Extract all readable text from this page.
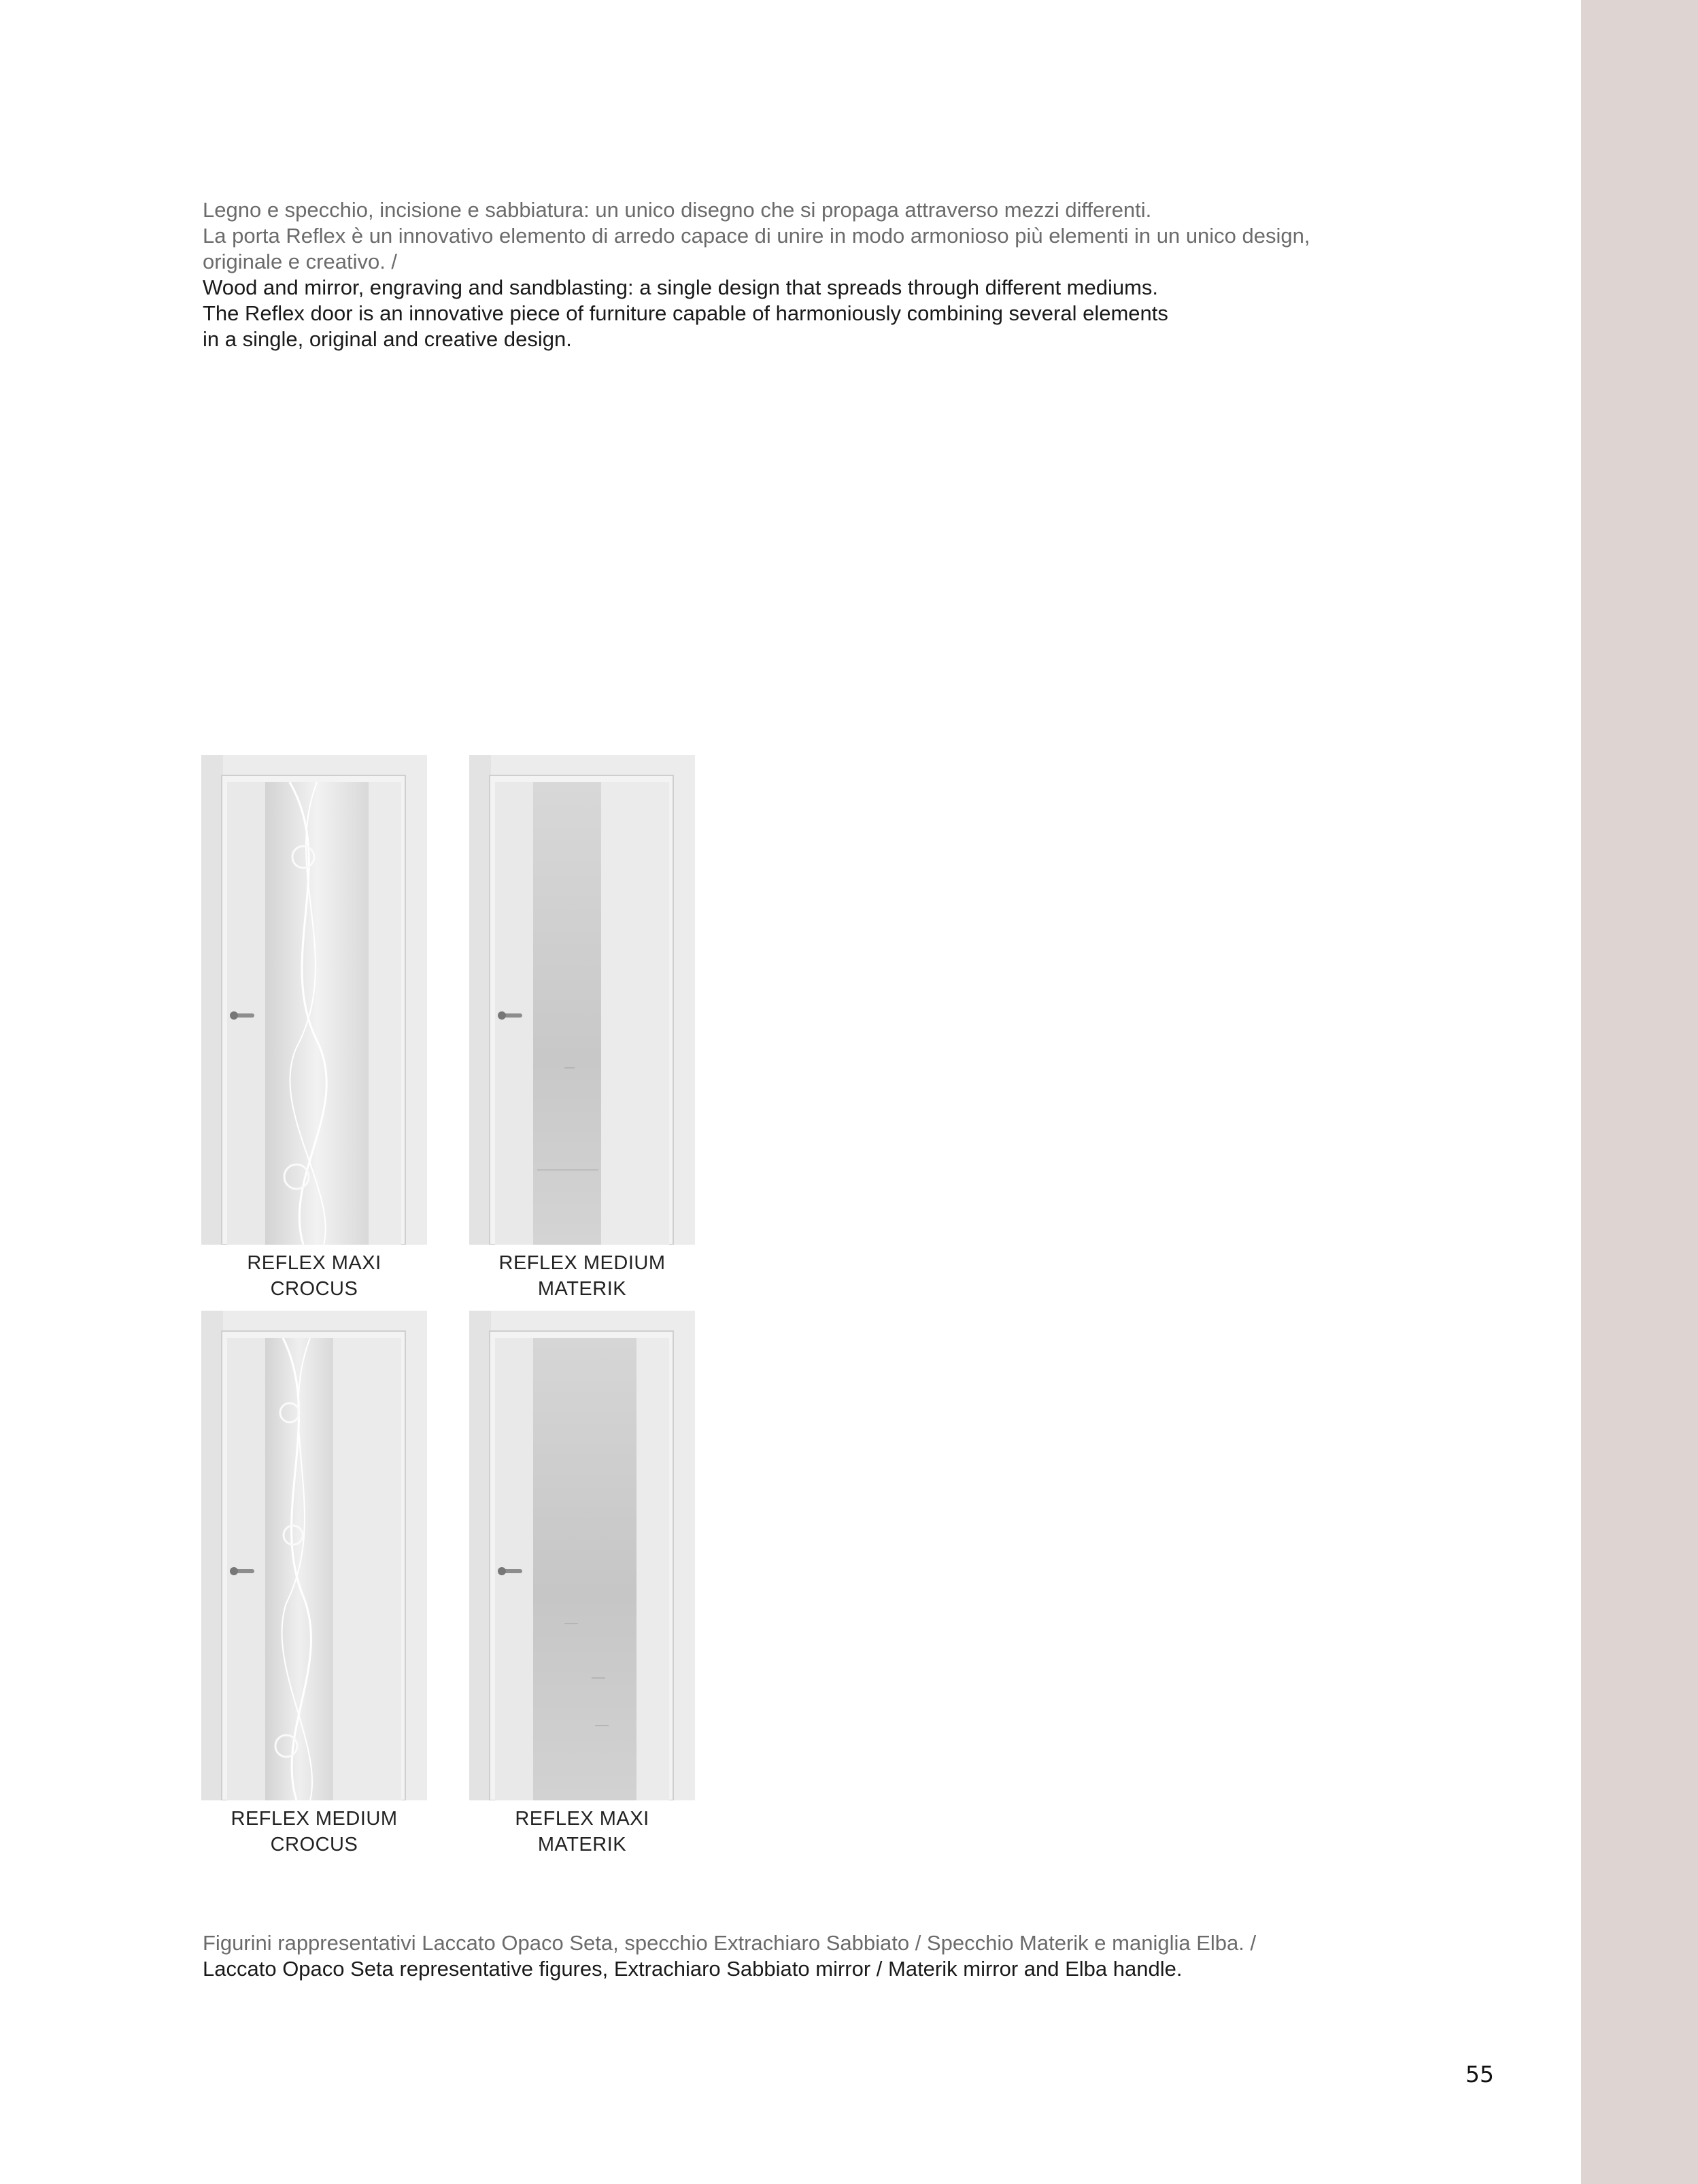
Legno e specchio, incisione e sabbiatura: un unico disegno che si propaga attraverso mezzi differenti.

La porta Reflex è un innovativo elemento di arredo capace di unire in modo armonioso più elementi in un unico design,

originale e creativo. /

Wood and mirror, engraving and sandblasting: a single design that spreads through different mediums.

The Reflex door is an innovative piece of furniture capable of harmoniously combining several elements

in a single, original and creative design.

REFLEX MAXI
CROCUS
REFLEX MEDIUM
MATERIK
REFLEX MEDIUM
CROCUS
REFLEX MAXI
MATERIK

Figurini rappresentativi Laccato Opaco Seta, specchio Extrachiaro Sabbiato / Specchio Materik e maniglia Elba. /

Laccato Opaco Seta representative figures, Extrachiaro Sabbiato mirror / Materik mirror and Elba handle.

55
